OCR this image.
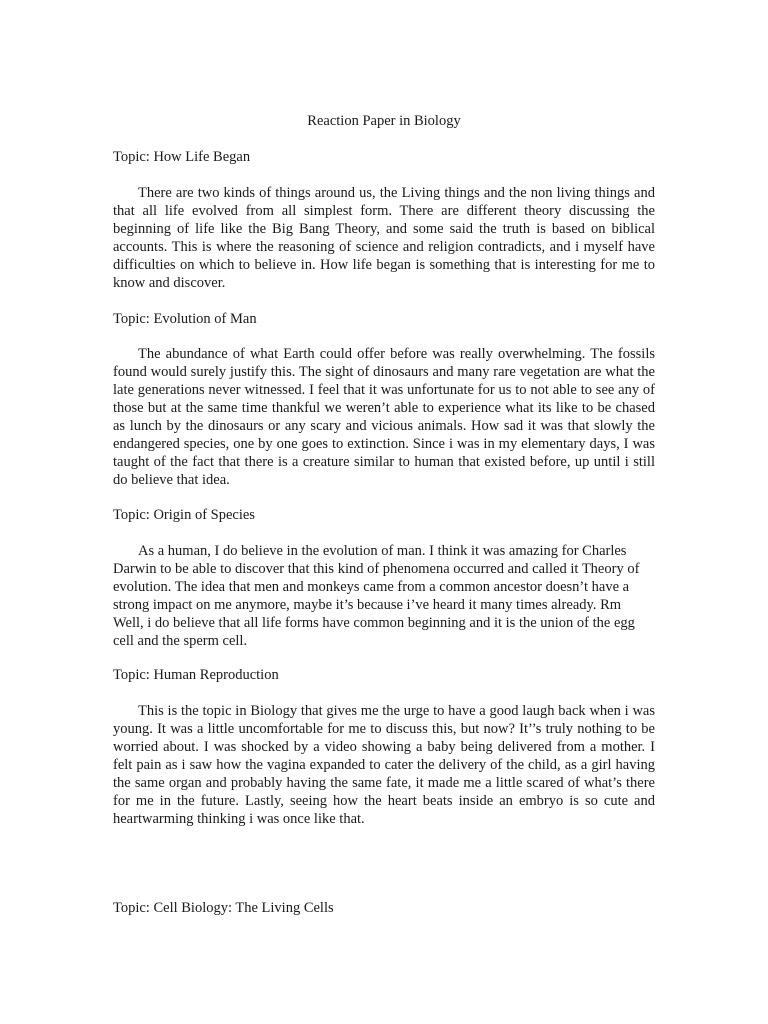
Reaction Paper in Biology
Topic: How Life Began

There are two kinds of things around us, the Living things and the non living things and that all life evolved from all simplest form. There are different theory discussing the beginning of life like the Big Bang Theory, and some said the truth is based on biblical accounts. This is where the reasoning of science and religion contradicts, and i myself have difficulties on which to believe in. How life began is something that is interesting for me to know and discover.

Topic: Evolution of Man

The abundance of what Earth could offer before was really overwhelming. The fossils found would surely justify this. The sight of dinosaurs and many rare vegetation are what the late generations never witnessed. I feel that it was unfortunate for us to not able to see any of those but at the same time thankful we weren’t able to experience what its like to be chased as lunch by the dinosaurs or any scary and vicious animals. How sad it was that slowly the endangered species, one by one goes to extinction. Since i was in my elementary days, I was taught of the fact that there is a creature similar to human that existed before, up until i still do believe that idea.

Topic: Origin of Species

As a human, I do believe in the evolution of man. I think it was amazing for Charles Darwin to be able to discover that this kind of phenomena occurred and called it Theory of evolution. The idea that men and monkeys came from a common ancestor doesn’t have a strong impact on me anymore, maybe it’s because i’ve heard it many times already. Rm Well, i do believe that all life forms have common beginning and it is the union of the egg cell and the sperm cell.

Topic: Human Reproduction

This is the topic in Biology that gives me the urge to have a good laugh back when i was young. It was a little uncomfortable for me to discuss this, but now? It’’s truly nothing to be worried about. I was shocked by a video showing a baby being delivered from a mother. I felt pain as i saw how the vagina expanded to cater the delivery of the child, as a girl having the same organ and probably having the same fate, it made me a little scared of what’s there for me in the future. Lastly, seeing how the heart beats inside an embryo is so cute and heartwarming thinking i was once like that.

Topic: Cell Biology: The Living Cells
